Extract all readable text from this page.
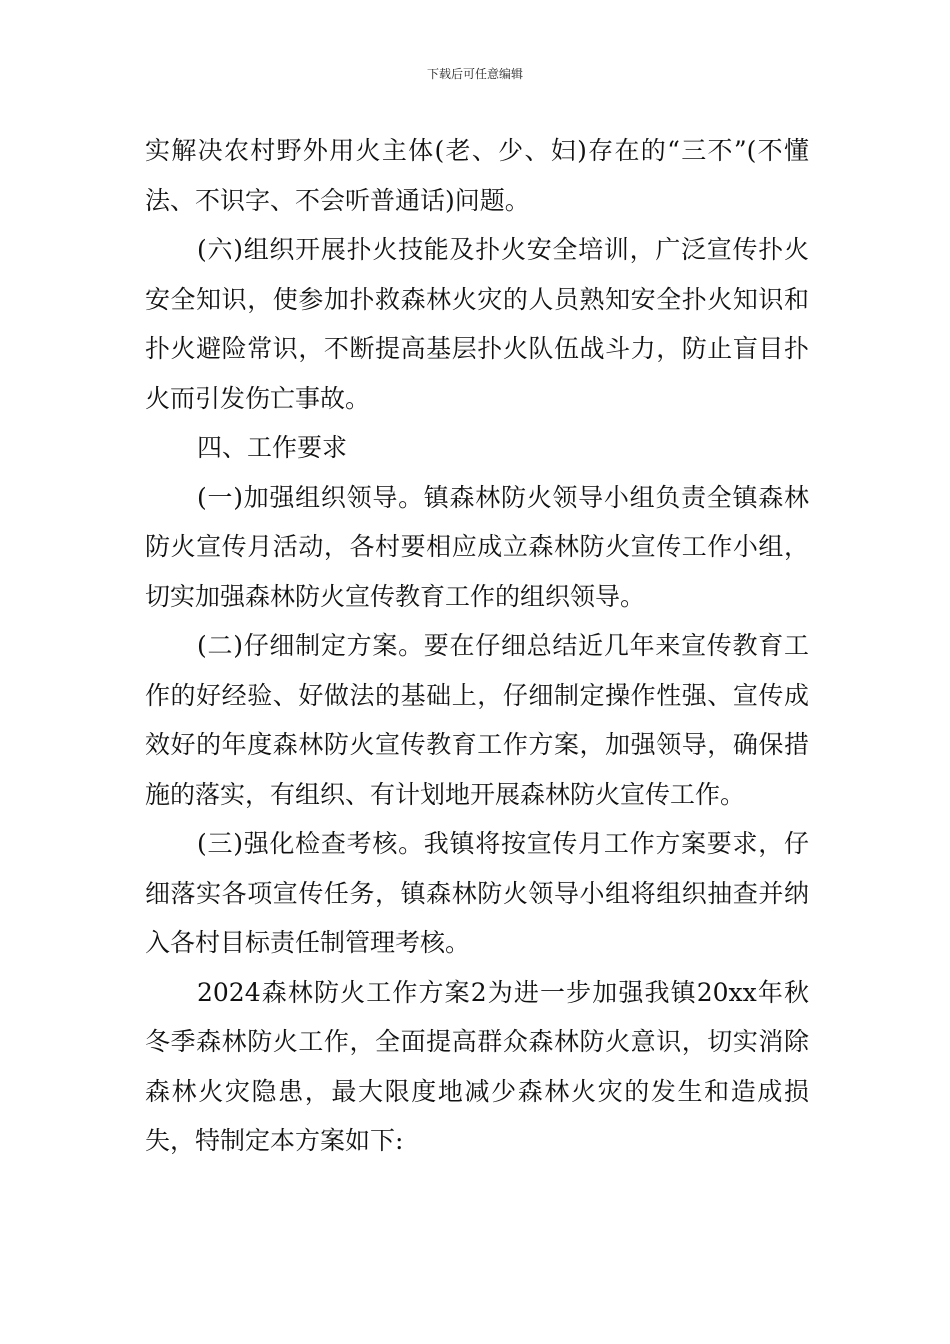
下载后可任意编辑

实解决农村野外用火主体(老、少、妇)存在的“三不”(不懂法、不识字、不会听普通话)问题。

(六)组织开展扑火技能及扑火安全培训，广泛宣传扑火安全知识，使参加扑救森林火灾的人员熟知安全扑火知识和扑火避险常识，不断提高基层扑火队伍战斗力，防止盲目扑火而引发伤亡事故。

四、工作要求

(一)加强组织领导。镇森林防火领导小组负责全镇森林防火宣传月活动，各村要相应成立森林防火宣传工作小组，切实加强森林防火宣传教育工作的组织领导。

(二)仔细制定方案。要在仔细总结近几年来宣传教育工作的好经验、好做法的基础上，仔细制定操作性强、宣传成效好的年度森林防火宣传教育工作方案，加强领导，确保措施的落实，有组织、有计划地开展森林防火宣传工作。

(三)强化检查考核。我镇将按宣传月工作方案要求，仔细落实各项宣传任务，镇森林防火领导小组将组织抽查并纳入各村目标责任制管理考核。

2024森林防火工作方案2为进一步加强我镇20xx年秋冬季森林防火工作，全面提高群众森林防火意识，切实消除森林火灾隐患，最大限度地减少森林火灾的发生和造成损失，特制定本方案如下:
